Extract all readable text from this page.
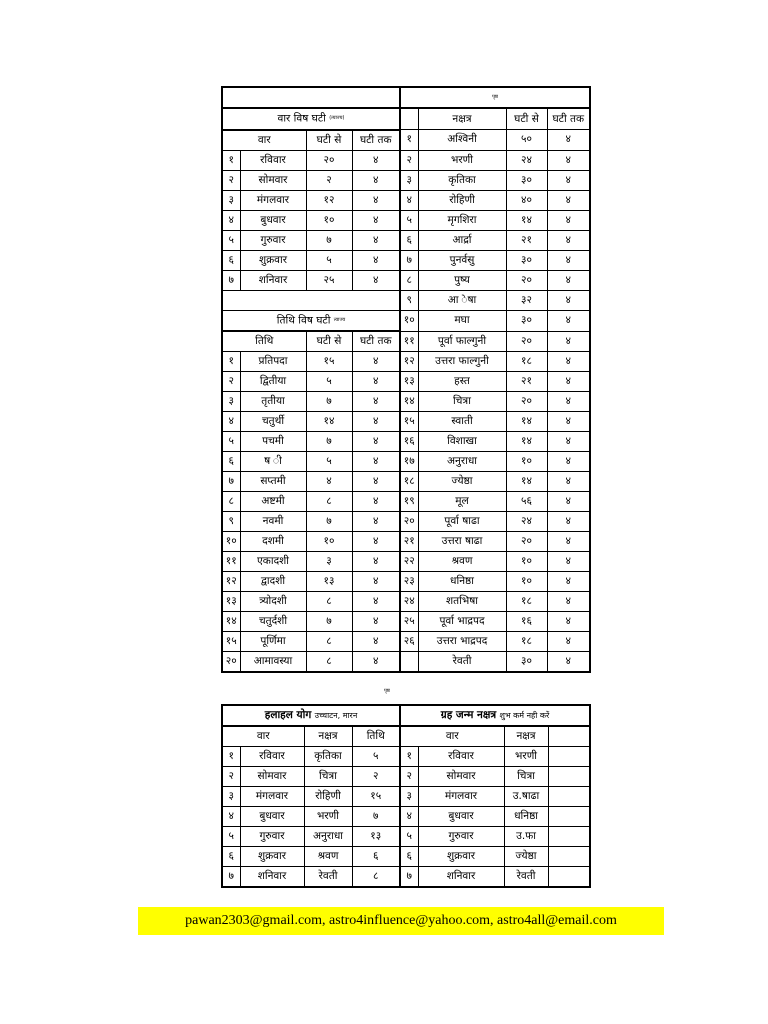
				पृष्ठ			
वार विष घटी (त्याज्य)					नक्षत्र	घटी से	घटी तक
वार		घटी से	घटी तक	१	अश्विनी	५०	४
१	रविवार	२०	४	२	भरणी	२४	४
२	सोमवार	२	४	३	कृतिका	३०	४
३	मंगलवार	१२	४	४	रोहिणी	४०	४
४	बुधवार	१०	४	५	मृगशिरा	१४	४
५	गुरुवार	७	४	६	आर्द्रा	२१	४
६	शुक्रवार	५	४	७	पुनर्वसु	३०	४
७	शनिवार	२५	४	८	पुष्य	२०	४
				९	आ ेषा	३२	४
तिथि विष घटी त्याज्य				१०	मघा	३०	४
तिथि		घटी से	घटी तक	११	पूर्वा फाल्गुनी	२०	४
१	प्रतिपदा	१५	४	१२	उत्तरा फाल्गुनी	१८	४
२	द्वितीया	५	४	१३	हस्त	२१	४
३	तृतीया	७	४	१४	चित्रा	२०	४
४	चतुर्थी	१४	४	१५	स्वाती	१४	४
५	पचमी	७	४	१६	विशाखा	१४	४
६	ष ी	५	४	१७	अनुराधा	१०	४
७	सप्तमी	४	४	१८	ज्येष्ठा	१४	४
८	अष्टमी	८	४	१९	मूल	५६	४
९	नवमी	७	४	२०	पूर्वा षाढा	२४	४
१०	दशमी	१०	४	२१	उत्तरा षाढा	२०	४
११	एकादशी	३	४	२२	श्रवण	१०	४
१२	द्वादशी	१३	४	२३	धनिष्ठा	१०	४
१३	त्र्योदशी	८	४	२४	शतभिषा	१८	४
१४	चतुर्दशी	७	४	२५	पूर्वा भाद्रपद	१६	४
१५	पूर्णिमा	८	४	२६	उत्तरा भाद्रपद	१८	४
२०	आमावस्या	८	४		रेवती	३०	४
पृष्ठ
हलाहल योग उच्चाटन, मारन				ग्रह जन्म नक्षत्र शुभ कर्म नही करें			
वार		नक्षत्र	तिथि	वार		नक्षत्र	
१	रविवार	कृतिका	५	१	रविवार	भरणी	
२	सोमवार	चित्रा	२	२	सोमवार	चित्रा	
३	मंगलवार	रोहिणी	१५	३	मंगलवार	उ.षाढा	
४	बुधवार	भरणी	७	४	बुधवार	धनिष्ठा	
५	गुरुवार	अनुराधा	१३	५	गुरुवार	उ.फा	
६	शुक्रवार	श्रवण	६	६	शुक्रवार	ज्येष्ठा	
७	शनिवार	रेवती	८	७	शनिवार	रेवती	
pawan2303@gmail.com, astro4influence@yahoo.com, astro4all@email.com
